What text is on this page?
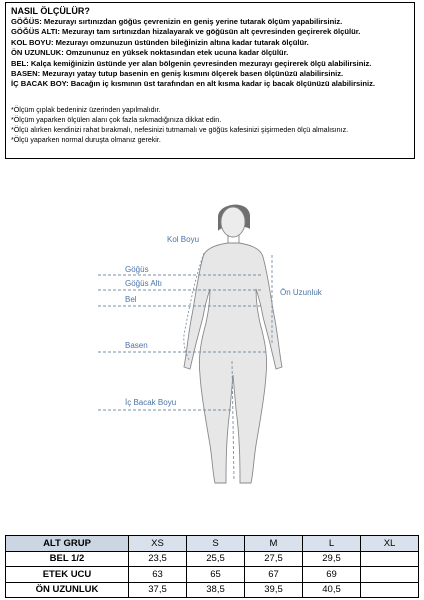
NASIL ÖLÇÜLÜR?

GÖĞÜS: Mezurayı sırtınızdan göğüs çevrenizin en geniş yerine tutarak ölçüm yapabilirsiniz.

GÖĞÜS ALTI: Mezurayı tam sırtınızdan hizalayarak ve göğüsün alt çevresinden geçirerek ölçülür.

KOL BOYU: Mezurayı omzunuzun üstünden bileğinizin altına kadar tutarak ölçülür.

ÖN UZUNLUK: Omzununuz en yüksek noktasından etek ucuna kadar ölçülür.

BEL: Kalça kemiğinizin üstünde yer alan bölgenin çevresinden mezurayı geçirerek ölçü alabilirsiniz.

BASEN: Mezurayı yatay tutup basenin en geniş kısmını ölçerek basen ölçünüzü alabilirsiniz.

İÇ BACAK BOY: Bacağın iç kısmının üst tarafından en alt kısma kadar iç bacak ölçünüzü alabilirsiniz.

*Ölçüm çıplak bedeniniz üzerinden yapılmalıdır.

*Ölçüm yaparken ölçülen alanı çok fazla sıkmadığınıza dikkat edin.

*Ölçü alırken kendinizi rahat bırakmalı, nefesinizi tutmamalı ve göğüs kafesinizi şişirmeden ölçü almalısınız.

*Ölçü yaparken normal duruşta olmanız gerekir.

Kol Boyu
Göğüs
Göğüs Altı
Bel
Basen
İç Bacak Boyu
Ön Uzunluk
ALT GRUP	XS	S	M	L	XL
BEL 1/2	23,5	25,5	27,5	29,5	
ETEK UCU	63	65	67	69	
ÖN UZUNLUK	37,5	38,5	39,5	40,5	
